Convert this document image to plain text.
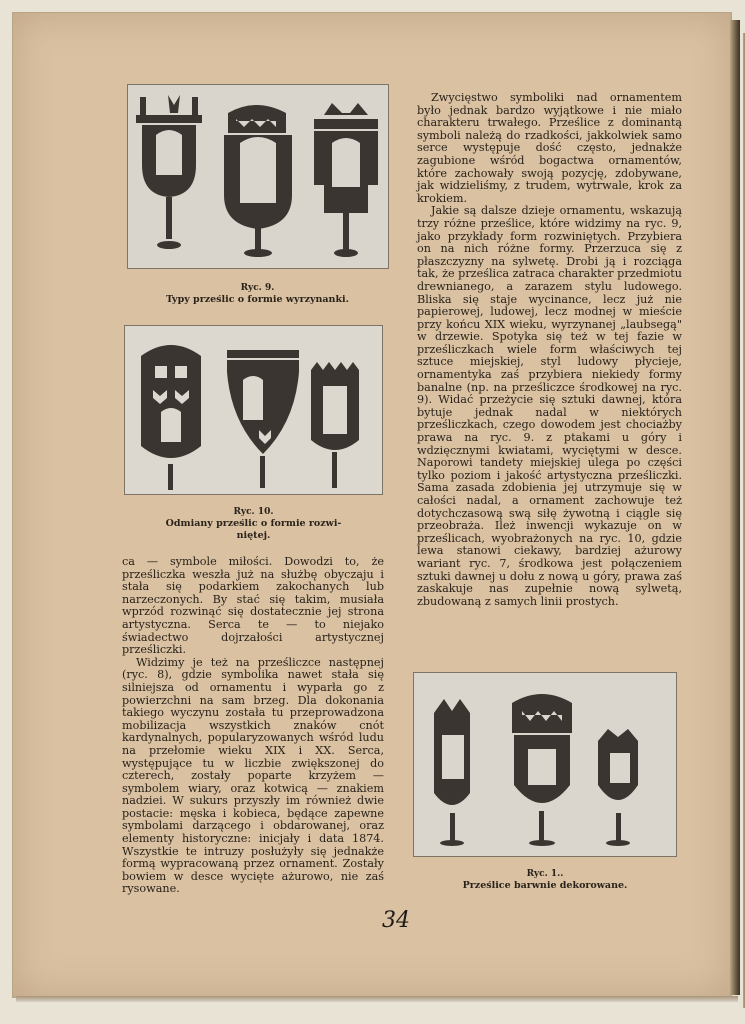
Ryc. 9.
Typy prześlic o formie wyrzynanki.
Ryc. 10.
Odmiany prześlic o formie rozwi- niętej.

ca — symbole miłości. Dowodzi to, że prześliczka weszła już na służbę obyczaju i stała się podarkiem zakochanych lub narzeczonych. By stać się takim, musiała wprzód rozwinąć się dostatecznie jej strona artystyczna. Serca te — to niejako świadectwo dojrzałości artystycznej prześliczki.

Widzimy je też na prześliczce następnej (ryc. 8), gdzie symbolika nawet stała się silniejsza od ornamentu i wyparła go z powierzchni na sam brzeg. Dla dokonania takiego wyczynu została tu przeprowadzona mobilizacja wszystkich znaków cnót kardynalnych, popularyzowanych wśród ludu na przełomie wieku XIX i XX. Serca, występujące tu w liczbie zwiększonej do czterech, zostały poparte krzyżem — symbolem wiary, oraz kotwicą — znakiem nadziei. W sukurs przyszły im również dwie postacie: męska i kobieca, będące zapewne symbolami darzącego i obdarowanej, oraz elementy historyczne: inicjały i data 1874. Wszystkie te intruzy posłużyły się jednakże formą wypracowaną przez ornament. Zostały bowiem w desce wycięte ażurowo, nie zaś rysowane.

Zwycięstwo symboliki nad ornamentem było jednak bardzo wyjątkowe i nie miało charakteru trwałego. Prześlice z dominantą symboli należą do rzadkości, jakkolwiek samo serce występuje dość często, jednakże zagubione wśród bogactwa ornamentów, które zachowały swoją pozycję, zdobywane, jak widzieliśmy, z trudem, wytrwale, krok za krokiem.

Jakie są dalsze dzieje ornamentu, wskazują trzy różne prześlice, które widzimy na ryc. 9, jako przykłady form rozwiniętych. Przybiera on na nich różne formy. Przerzuca się z płaszczyzny na sylwetę. Drobi ją i rozciąga tak, że prześlica zatraca charakter przedmiotu drewnianego, a zarazem stylu ludowego. Bliska się staje wycinance, lecz już nie papierowej, ludowej, lecz modnej w mieście przy końcu XIX wieku, wyrzynanej „laubsegą" w drzewie. Spotyka się też w tej fazie w prześliczkach wiele form właściwych tej sztuce miejskiej, styl ludowy płycieje, ornamentyka zaś przybiera niekiedy formy banalne (np. na prześliczce środkowej na ryc. 9). Widać przeżycie się sztuki dawnej, która bytuje jednak nadal w niektórych prześliczkach, czego dowodem jest chociażby prawa na ryc. 9. z ptakami u góry i wdzięcznymi kwiatami, wyciętymi w desce. Naporowi tandety miejskiej ulega po części tylko poziom i jakość artystyczna prześliczki. Sama zasada zdobienia jej utrzymuje się w całości nadal, a ornament zachowuje też dotychczasową swą siłę żywotną i ciągle się przeobraża. Ileż inwencji wykazuje on w prześlicach, wyobrażonych na ryc. 10, gdzie lewa stanowi ciekawy, bardziej ażurowy wariant ryc. 7, środkowa jest połączeniem sztuki dawnej u dołu z nową u góry, prawa zaś zaskakuje nas zupełnie nową sylwetą, zbudowaną z samych linii prostych.

Ryc. 1..
Prześlice barwnie dekorowane.
34
